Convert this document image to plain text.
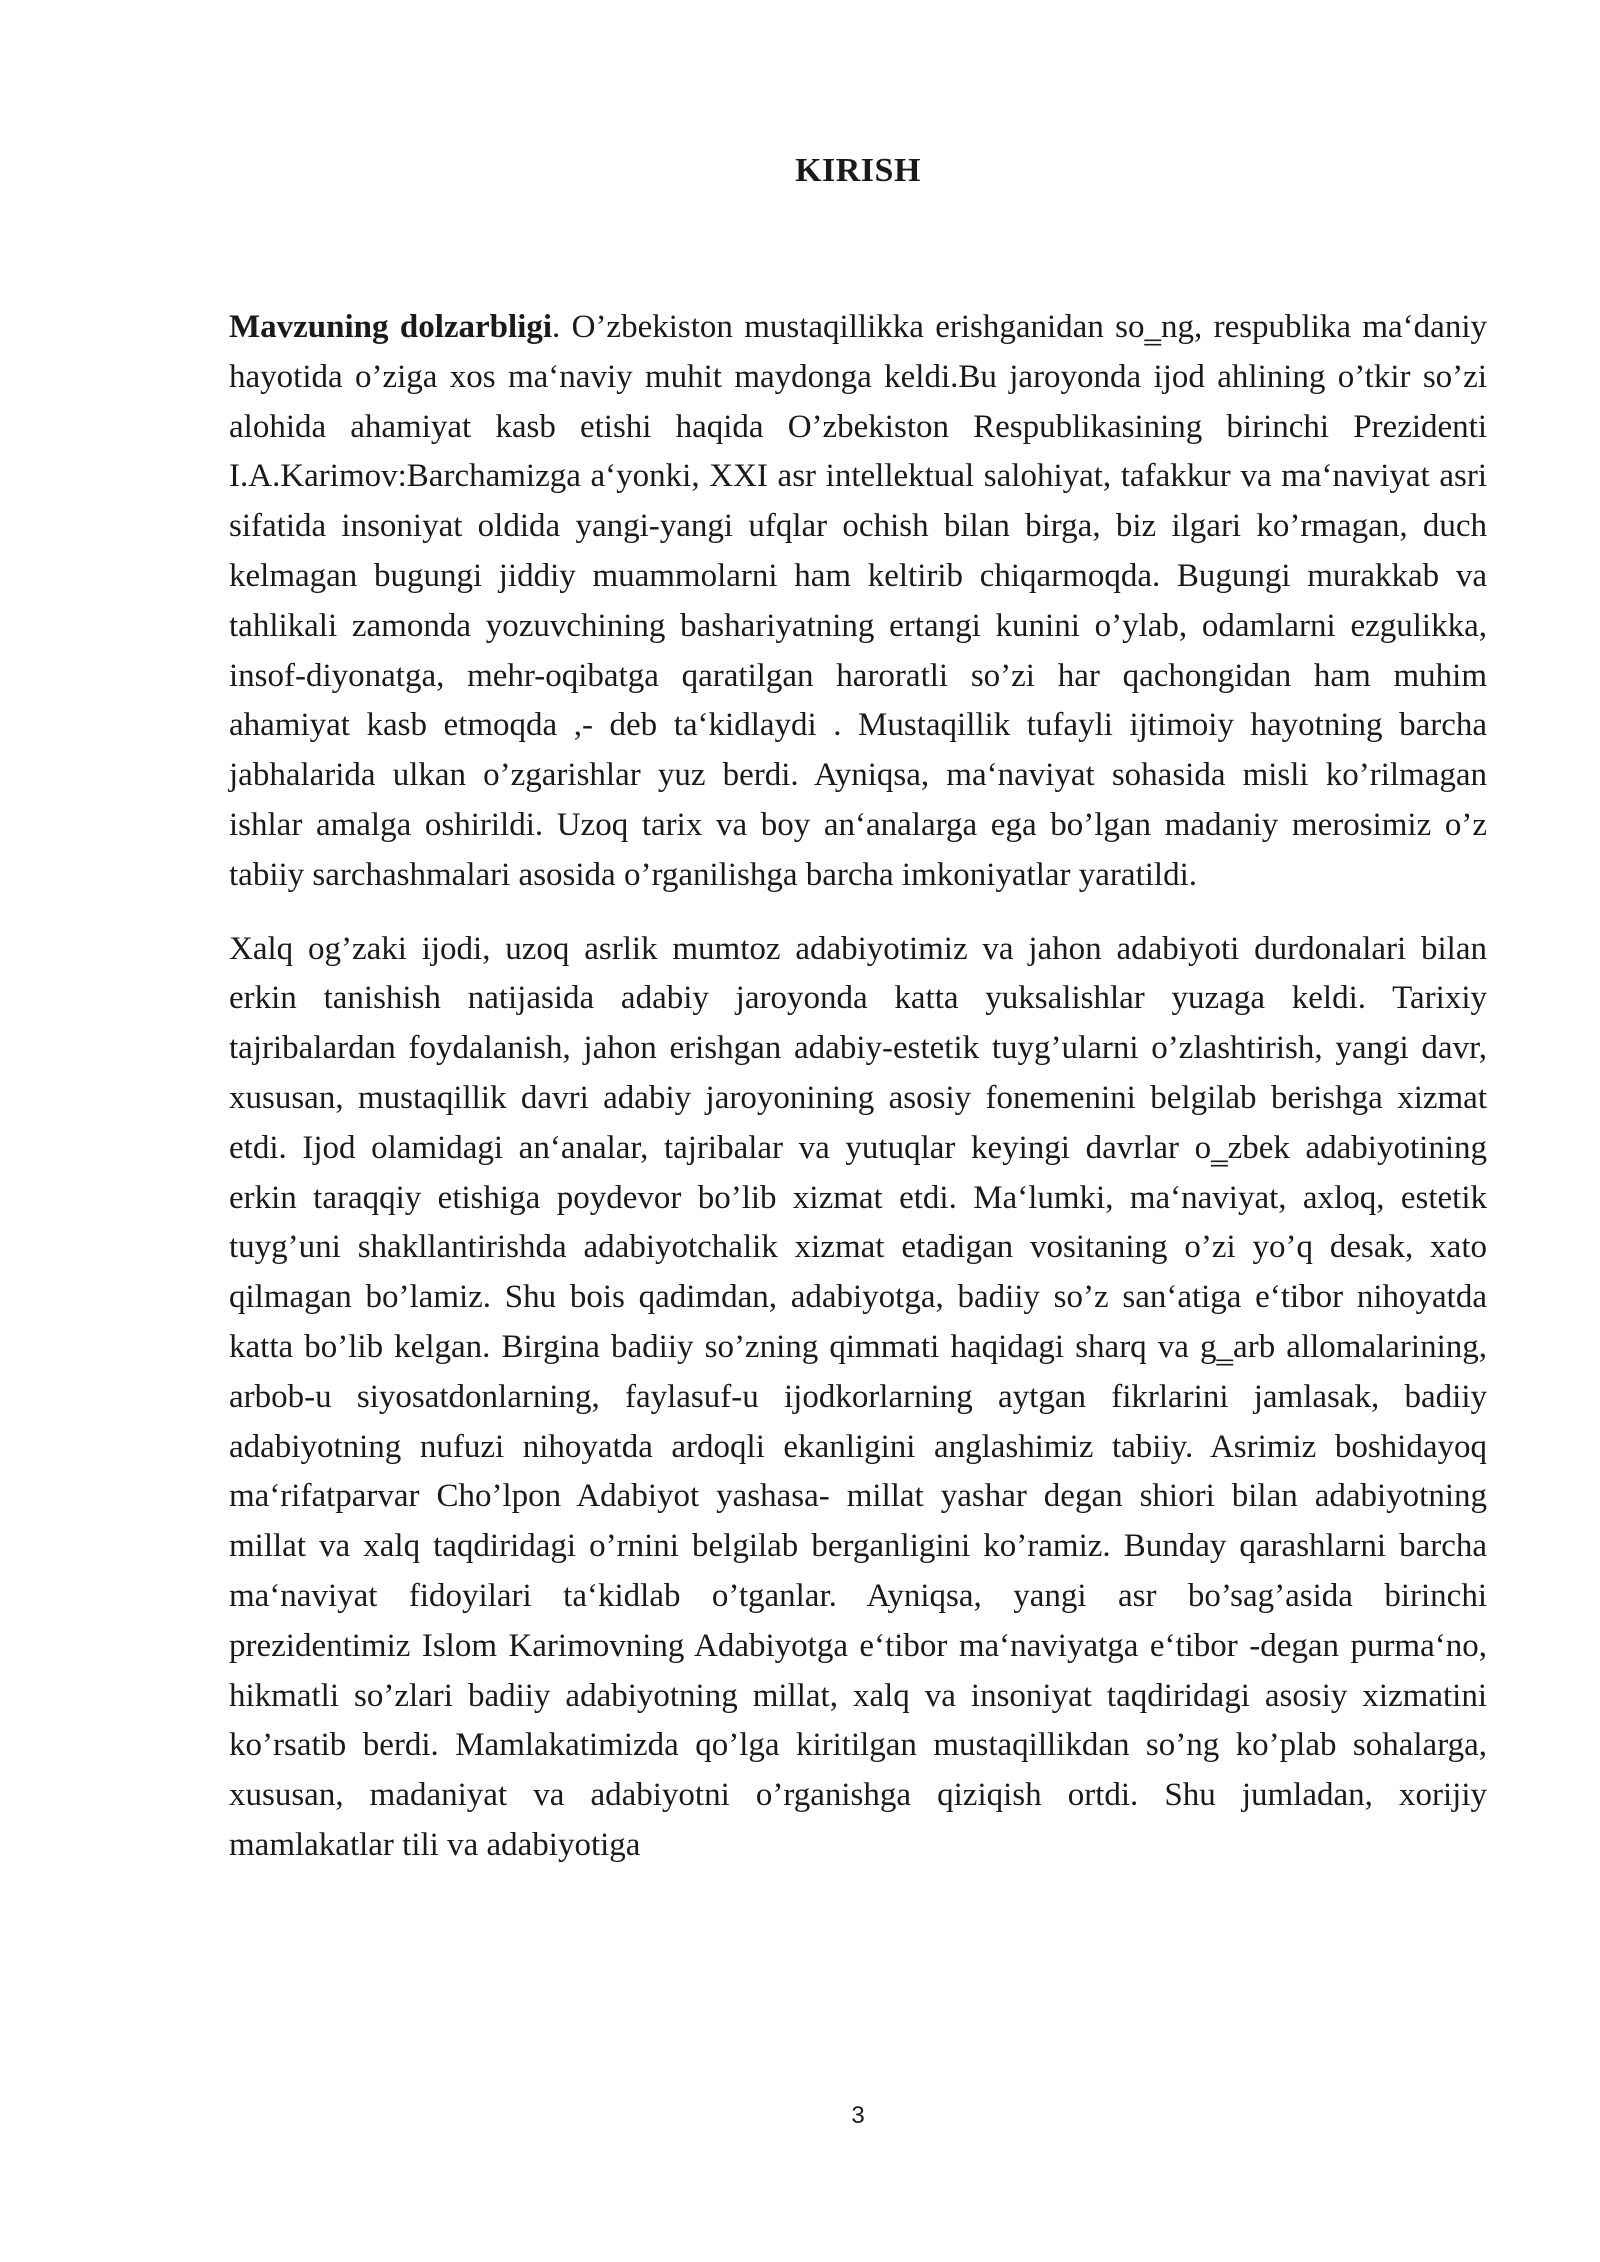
KIRISH

Mavzuning dolzarbligi. O’zbekiston mustaqillikka erishganidan so‗ng, respublika ma‘daniy hayotida o’ziga xos ma‘naviy muhit maydonga keldi.Bu jaroyonda ijod ahlining o’tkir so’zi alohida ahamiyat kasb etishi haqida O’zbekiston Respublikasining birinchi Prezidenti I.A.Karimov:Barchamizga a‘yonki, XXI asr intellektual salohiyat, tafakkur va ma‘naviyat asri sifatida insoniyat oldida yangi-yangi ufqlar ochish bilan birga, biz ilgari ko’rmagan, duch kelmagan bugungi jiddiy muammolarni ham keltirib chiqarmoqda. Bugungi murakkab va tahlikali zamonda yozuvchining bashariyatning ertangi kunini o’ylab, odamlarni ezgulikka, insof-diyonatga, mehr-oqibatga qaratilgan haroratli so’zi har qachongidan ham muhim ahamiyat kasb etmoqda ,- deb ta‘kidlaydi . Mustaqillik tufayli ijtimoiy hayotning barcha jabhalarida ulkan o’zgarishlar yuz berdi. Ayniqsa, ma‘naviyat sohasida misli ko’rilmagan ishlar amalga oshirildi. Uzoq tarix va boy an‘analarga ega bo’lgan madaniy merosimiz o’z tabiiy sarchashmalari asosida o’rganilishga barcha imkoniyatlar yaratildi.

Xalq og’zaki ijodi, uzoq asrlik mumtoz adabiyotimiz va jahon adabiyoti durdonalari bilan erkin tanishish natijasida adabiy jaroyonda katta yuksalishlar yuzaga keldi. Tarixiy tajribalardan foydalanish, jahon erishgan adabiy-estetik tuyg’ularni o’zlashtirish, yangi davr, xususan, mustaqillik davri adabiy jaroyonining asosiy fonemenini belgilab berishga xizmat etdi. Ijod olamidagi an‘analar, tajribalar va yutuqlar keyingi davrlar o‗zbek adabiyotining erkin taraqqiy etishiga poydevor bo’lib xizmat etdi. Ma‘lumki, ma‘naviyat, axloq, estetik tuyg’uni shakllantirishda adabiyotchalik xizmat etadigan vositaning o’zi yo’q desak, xato qilmagan bo’lamiz. Shu bois qadimdan, adabiyotga, badiiy so’z san‘atiga e‘tibor nihoyatda katta bo’lib kelgan. Birgina badiiy so’zning qimmati haqidagi sharq va g‗arb allomalarining, arbob-u siyosatdonlarning, faylasuf-u ijodkorlarning aytgan fikrlarini jamlasak, badiiy adabiyotning nufuzi nihoyatda ardoqli ekanligini anglashimiz tabiiy. Asrimiz boshidayoq ma‘rifatparvar Cho’lpon Adabiyot yashasa- millat yashar degan shiori bilan adabiyotning millat va xalq taqdiridagi o’rnini belgilab berganligini ko’ramiz. Bunday qarashlarni barcha ma‘naviyat fidoyilari ta‘kidlab o’tganlar. Ayniqsa, yangi asr bo’sag’asida birinchi prezidentimiz Islom Karimovning Adabiyotga e‘tibor ma‘naviyatga e‘tibor -degan purma‘no, hikmatli so’zlari badiiy adabiyotning millat, xalq va insoniyat taqdiridagi asosiy xizmatini ko’rsatib berdi. Mamlakatimizda qo’lga kiritilgan mustaqillikdan so’ng ko’plab sohalarga, xususan, madaniyat va adabiyotni o’rganishga qiziqish ortdi. Shu jumladan, xorijiy mamlakatlar tili va adabiyotiga

3
